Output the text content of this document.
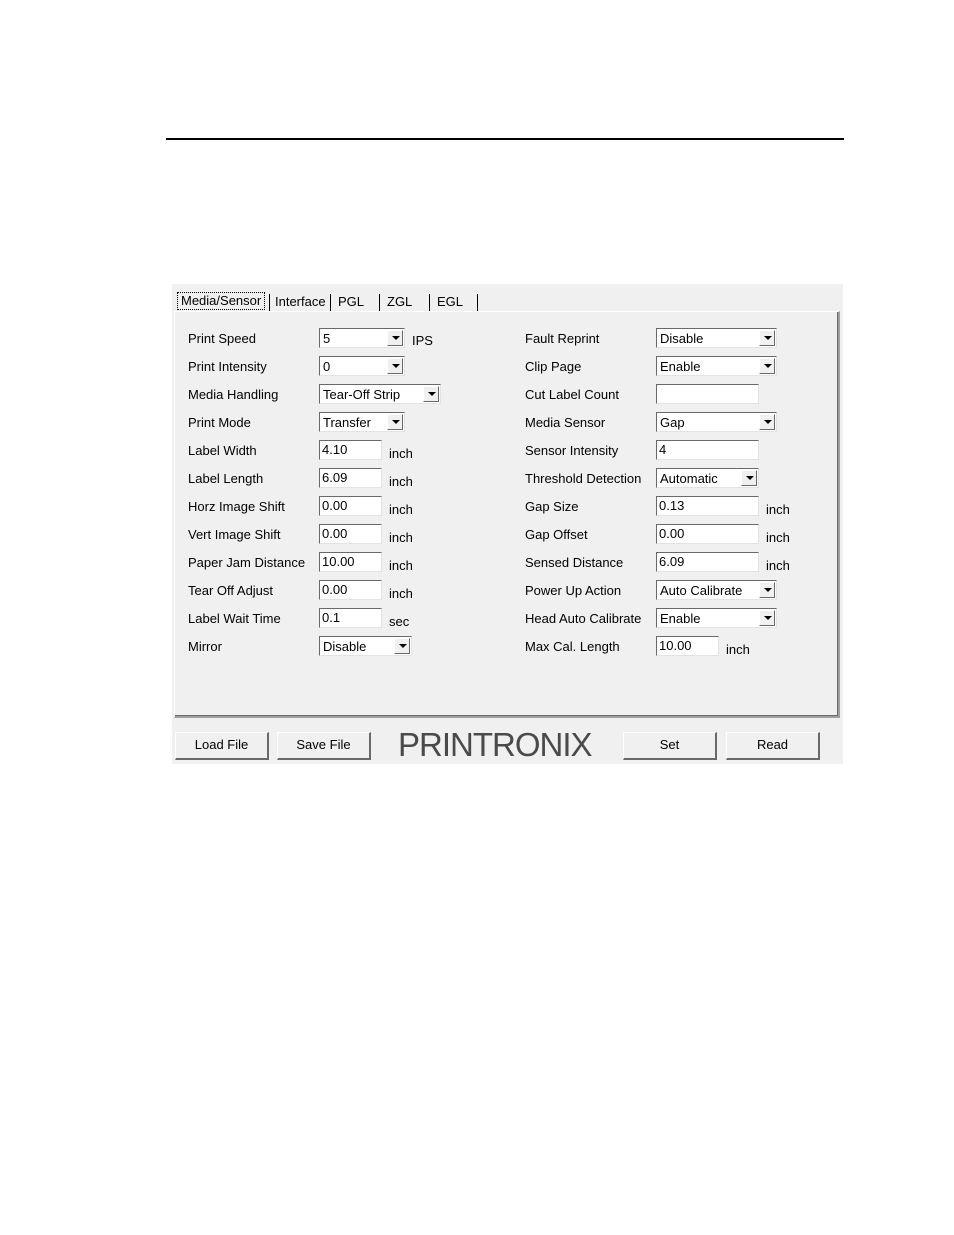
Media/Sensor	Interface PGL ZGL EGL
Print Speed	5	IPS
Print Intensity	0
Media Handling	Tear-Off Strip
Print Mode	Transfer
Label Width	4.10	inch
Label Length	6.09	inch
Horz Image Shift	0.00	inch
Vert Image Shift	0.00	inch
Paper Jam Distance 10.00	inch
Tear Off Adjust	0.00	inch
Label Wait Time	0.1	sec
Mirror	Disable
Fault Reprint	Disable
Clip Page	Enable
Cut Label Count
Media Sensor	Gap
Sensor Intensity	4
Threshold Detection Automatic
Gap Size	0.13	inch
Gap Offset	0.00	inch
Sensed Distance	6.09	inch
Power Up Action	Auto Calibrate
Head Auto Calibrate Enable
Max Cal. Length	10.00	inch
Load File	Save File	PRINTRONIX	Set	Read
